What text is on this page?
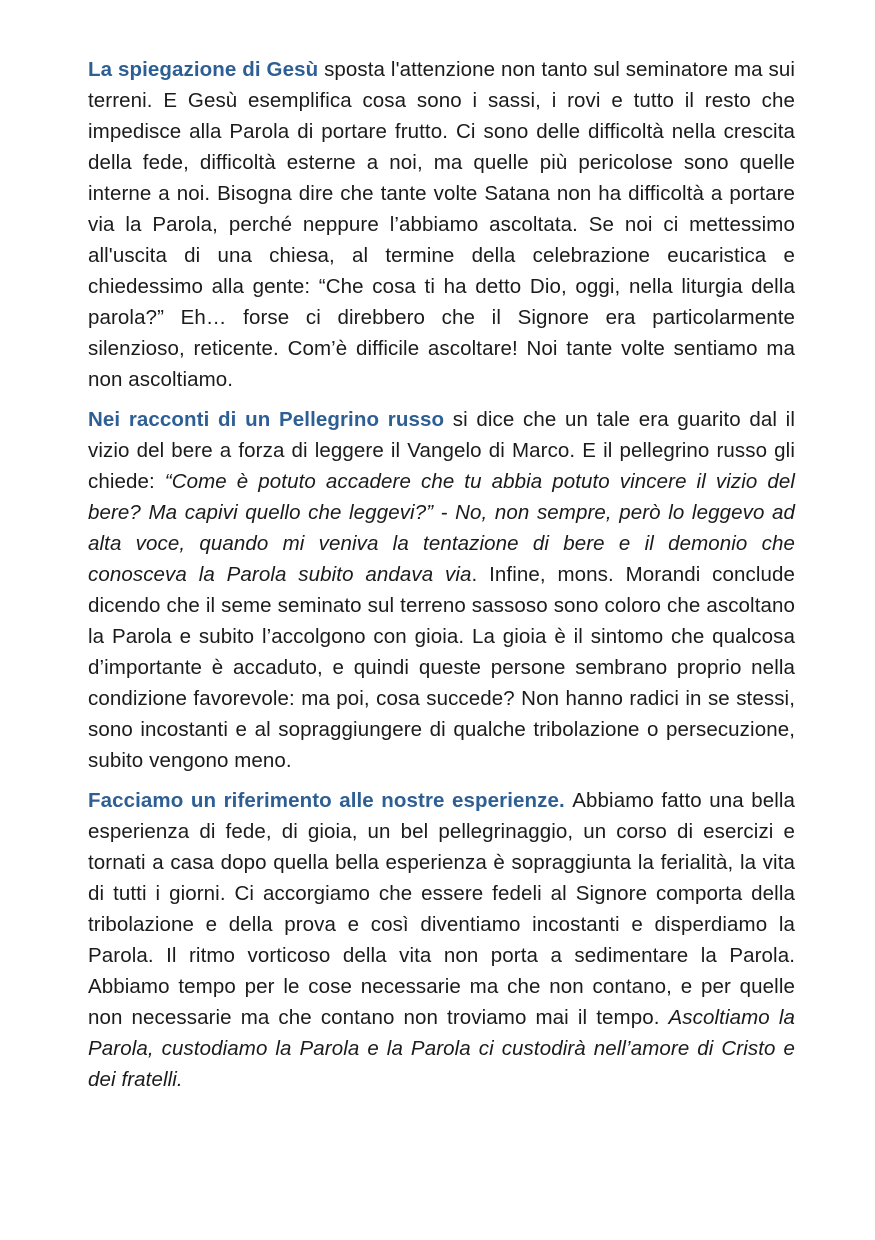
La spiegazione di Gesù sposta l'attenzione non tanto sul seminatore ma sui terreni. E Gesù esemplifica cosa sono i sassi, i rovi e tutto il resto che impedisce alla Parola di portare frutto. Ci sono delle difficoltà nella crescita della fede, difficoltà esterne a noi, ma quelle più pericolose sono quelle interne a noi. Bisogna dire che tante volte Satana non ha difficoltà a portare via la Parola, perché neppure l’abbiamo ascoltata. Se noi ci mettessimo all'uscita di una chiesa, al termine della celebrazione eucaristica e chiedessimo alla gente: “Che cosa ti ha detto Dio, oggi, nella liturgia della parola?” Eh… forse ci direbbero che il Signore era particolarmente silenzioso, reticente. Com’è difficile ascoltare! Noi tante volte sentiamo ma non ascoltiamo.

Nei racconti di un Pellegrino russo si dice che un tale era guarito dal il vizio del bere a forza di leggere il Vangelo di Marco. E il pellegrino russo gli chiede: “Come è potuto accadere che tu abbia potuto vincere il vizio del bere? Ma capivi quello che leggevi?” - No, non sempre, però lo leggevo ad alta voce, quando mi veniva la tentazione di bere e il demonio che conosceva la Parola subito andava via. Infine, mons. Morandi conclude dicendo che il seme seminato sul terreno sassoso sono coloro che ascoltano la Parola e subito l’accolgono con gioia. La gioia è il sintomo che qualcosa d’importante è accaduto, e quindi queste persone sembrano proprio nella condizione favorevole: ma poi, cosa succede? Non hanno radici in se stessi, sono incostanti e al sopraggiungere di qualche tribolazione o persecuzione, subito vengono meno.

Facciamo un riferimento alle nostre esperienze. Abbiamo fatto una bella esperienza di fede, di gioia, un bel pellegrinaggio, un corso di esercizi e tornati a casa dopo quella bella esperienza è sopraggiunta la ferialità, la vita di tutti i giorni. Ci accorgiamo che essere fedeli al Signore comporta della tribolazione e della prova e così diventiamo incostanti e disperdiamo la Parola. Il ritmo vorticoso della vita non porta a sedimentare la Parola. Abbiamo tempo per le cose necessarie ma che non contano, e per quelle non necessarie ma che contano non troviamo mai il tempo. Ascoltiamo la Parola, custodiamo la Parola e la Parola ci custodirà nell’amore di Cristo e dei fratelli.
